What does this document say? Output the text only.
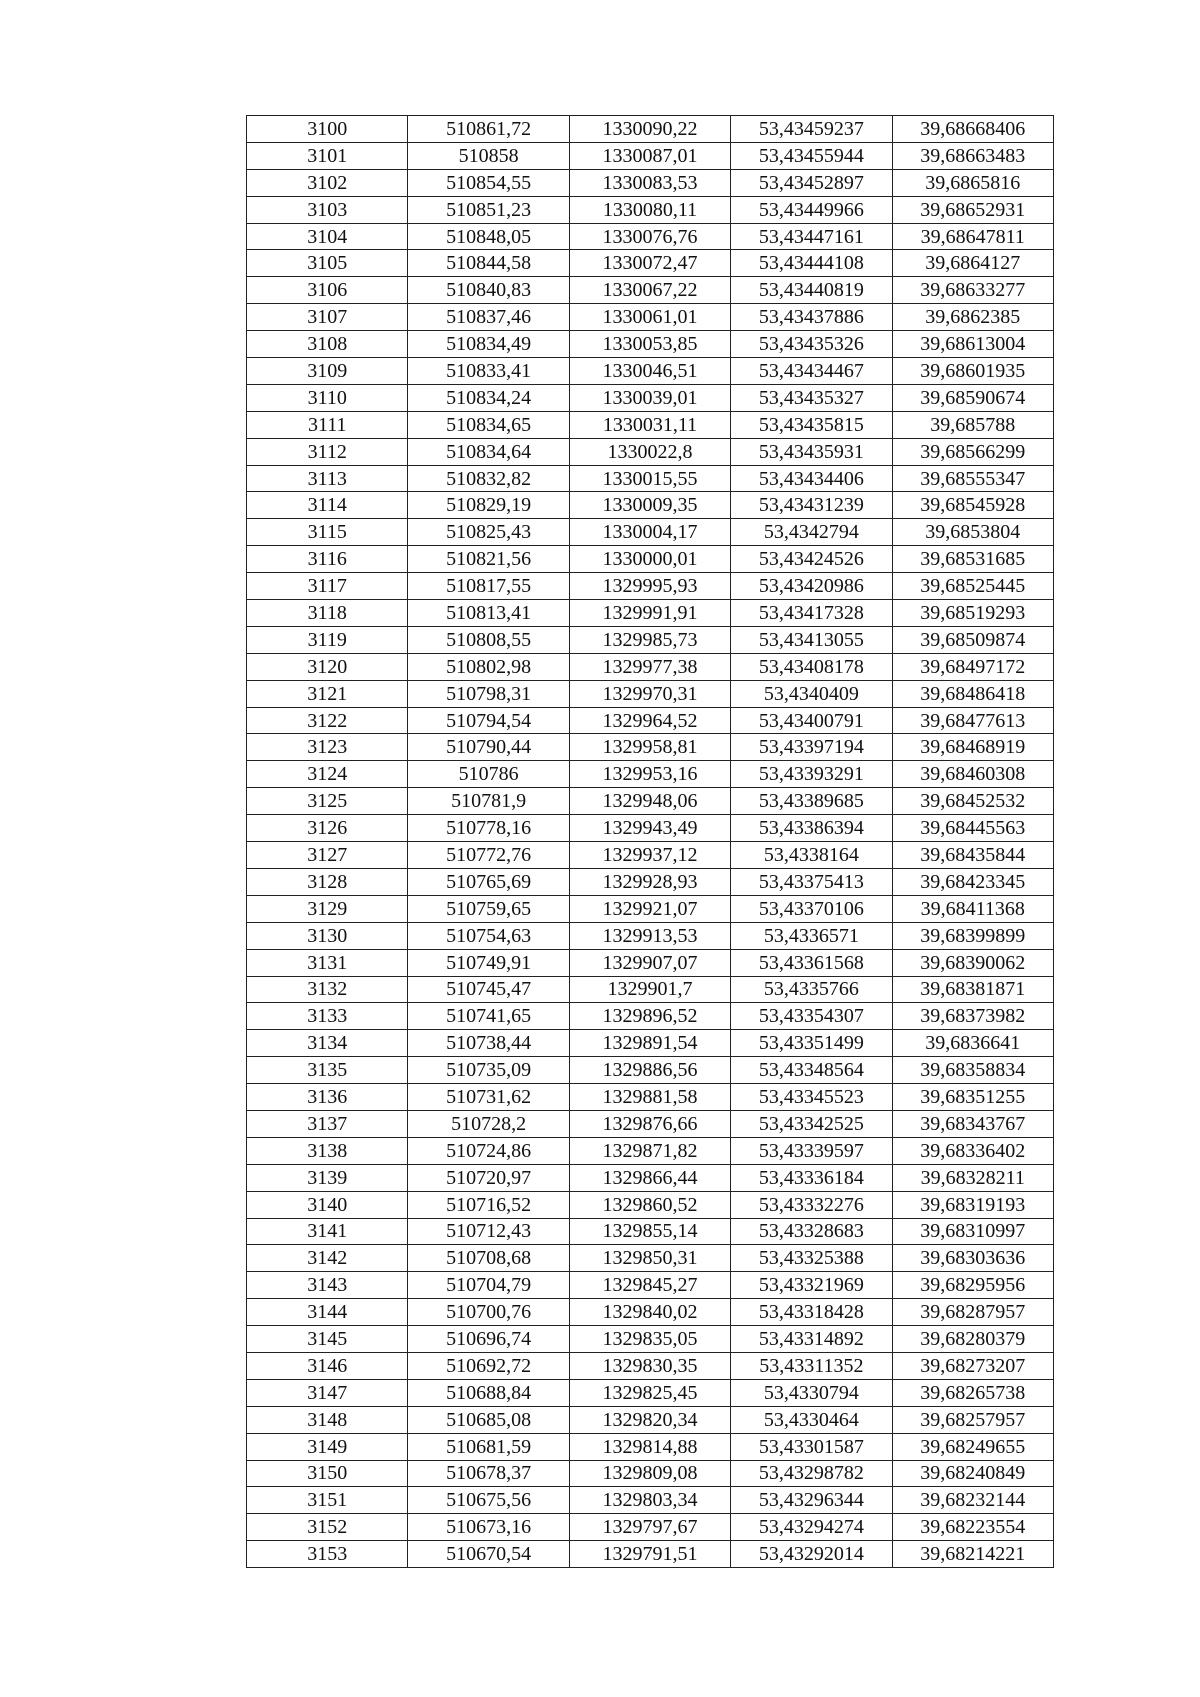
3100	510861,72	1330090,22	53,43459237	39,68668406
3101	510858	1330087,01	53,43455944	39,68663483
3102	510854,55	1330083,53	53,43452897	39,6865816
3103	510851,23	1330080,11	53,43449966	39,68652931
3104	510848,05	1330076,76	53,43447161	39,68647811
3105	510844,58	1330072,47	53,43444108	39,6864127
3106	510840,83	1330067,22	53,43440819	39,68633277
3107	510837,46	1330061,01	53,43437886	39,6862385
3108	510834,49	1330053,85	53,43435326	39,68613004
3109	510833,41	1330046,51	53,43434467	39,68601935
3110	510834,24	1330039,01	53,43435327	39,68590674
3111	510834,65	1330031,11	53,43435815	39,685788
3112	510834,64	1330022,8	53,43435931	39,68566299
3113	510832,82	1330015,55	53,43434406	39,68555347
3114	510829,19	1330009,35	53,43431239	39,68545928
3115	510825,43	1330004,17	53,4342794	39,6853804
3116	510821,56	1330000,01	53,43424526	39,68531685
3117	510817,55	1329995,93	53,43420986	39,68525445
3118	510813,41	1329991,91	53,43417328	39,68519293
3119	510808,55	1329985,73	53,43413055	39,68509874
3120	510802,98	1329977,38	53,43408178	39,68497172
3121	510798,31	1329970,31	53,4340409	39,68486418
3122	510794,54	1329964,52	53,43400791	39,68477613
3123	510790,44	1329958,81	53,43397194	39,68468919
3124	510786	1329953,16	53,43393291	39,68460308
3125	510781,9	1329948,06	53,43389685	39,68452532
3126	510778,16	1329943,49	53,43386394	39,68445563
3127	510772,76	1329937,12	53,4338164	39,68435844
3128	510765,69	1329928,93	53,43375413	39,68423345
3129	510759,65	1329921,07	53,43370106	39,68411368
3130	510754,63	1329913,53	53,4336571	39,68399899
3131	510749,91	1329907,07	53,43361568	39,68390062
3132	510745,47	1329901,7	53,4335766	39,68381871
3133	510741,65	1329896,52	53,43354307	39,68373982
3134	510738,44	1329891,54	53,43351499	39,6836641
3135	510735,09	1329886,56	53,43348564	39,68358834
3136	510731,62	1329881,58	53,43345523	39,68351255
3137	510728,2	1329876,66	53,43342525	39,68343767
3138	510724,86	1329871,82	53,43339597	39,68336402
3139	510720,97	1329866,44	53,43336184	39,68328211
3140	510716,52	1329860,52	53,43332276	39,68319193
3141	510712,43	1329855,14	53,43328683	39,68310997
3142	510708,68	1329850,31	53,43325388	39,68303636
3143	510704,79	1329845,27	53,43321969	39,68295956
3144	510700,76	1329840,02	53,43318428	39,68287957
3145	510696,74	1329835,05	53,43314892	39,68280379
3146	510692,72	1329830,35	53,43311352	39,68273207
3147	510688,84	1329825,45	53,4330794	39,68265738
3148	510685,08	1329820,34	53,4330464	39,68257957
3149	510681,59	1329814,88	53,43301587	39,68249655
3150	510678,37	1329809,08	53,43298782	39,68240849
3151	510675,56	1329803,34	53,43296344	39,68232144
3152	510673,16	1329797,67	53,43294274	39,68223554
3153	510670,54	1329791,51	53,43292014	39,68214221
